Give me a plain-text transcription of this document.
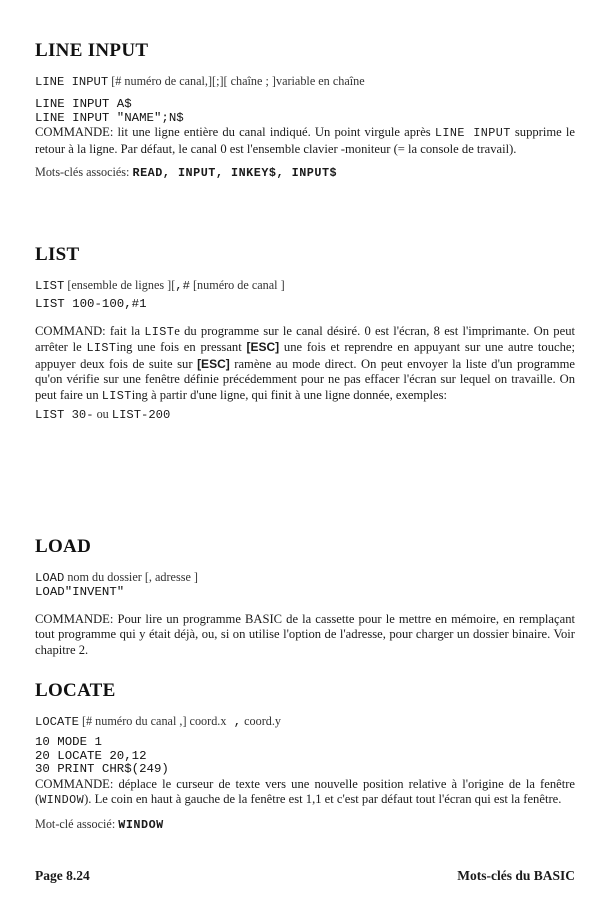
LINE INPUT

LINE INPUT [# numéro de canal,][;][ chaîne ; ]variable en chaîne

LINE INPUT A$

LINE INPUT "NAME";N$

COMMANDE: lit une ligne entière du canal indiqué. Un point virgule après LINE INPUT supprime le retour à la ligne. Par défaut, le canal 0 est l'ensemble clavier -moniteur (= la console de travail).

Mots-clés associés: READ, INPUT, INKEY$, INPUT$

LIST

LIST [ensemble de lignes ][,# [numéro de canal ]

LIST 100-100,#1

COMMAND: fait la LISTe du programme sur le canal désiré. 0 est l'écran, 8 est l'imprimante. On peut arrêter le LISTing une fois en pressant [ESC] une fois et reprendre en appuyant sur une autre touche; appuyer deux fois de suite sur [ESC] ramène au mode direct. On peut envoyer la liste d'un programme qu'on vérifie sur une fenêtre définie précédemment pour ne pas effacer l'écran sur lequel on travaille. On peut faire un LISTing à partir d'une ligne, qui finit à une ligne donnée, exemples:

LIST 30- ou LIST-200

LOAD

LOAD nom du dossier [, adresse ]

LOAD"INVENT"

COMMANDE: Pour lire un programme BASIC de la cassette pour le mettre en mémoire, en remplaçant tout programme qui y était déjà, ou, si on utilise l'option de l'adresse, pour charger un dossier binaire. Voir chapitre 2.

LOCATE

LOCATE [# numéro du canal ,] coord.x , coord.y

10 MODE 1

20 LOCATE 20,12

30 PRINT CHR$(249)

COMMANDE: déplace le curseur de texte vers une nouvelle position relative à l'origine de la fenêtre (WINDOW). Le coin en haut à gauche de la fenêtre est 1,1 et c'est par défaut tout l'écran qui est la fenêtre.

Mot-clé associé: WINDOW

Page 8.24	Mots-clés du BASIC
